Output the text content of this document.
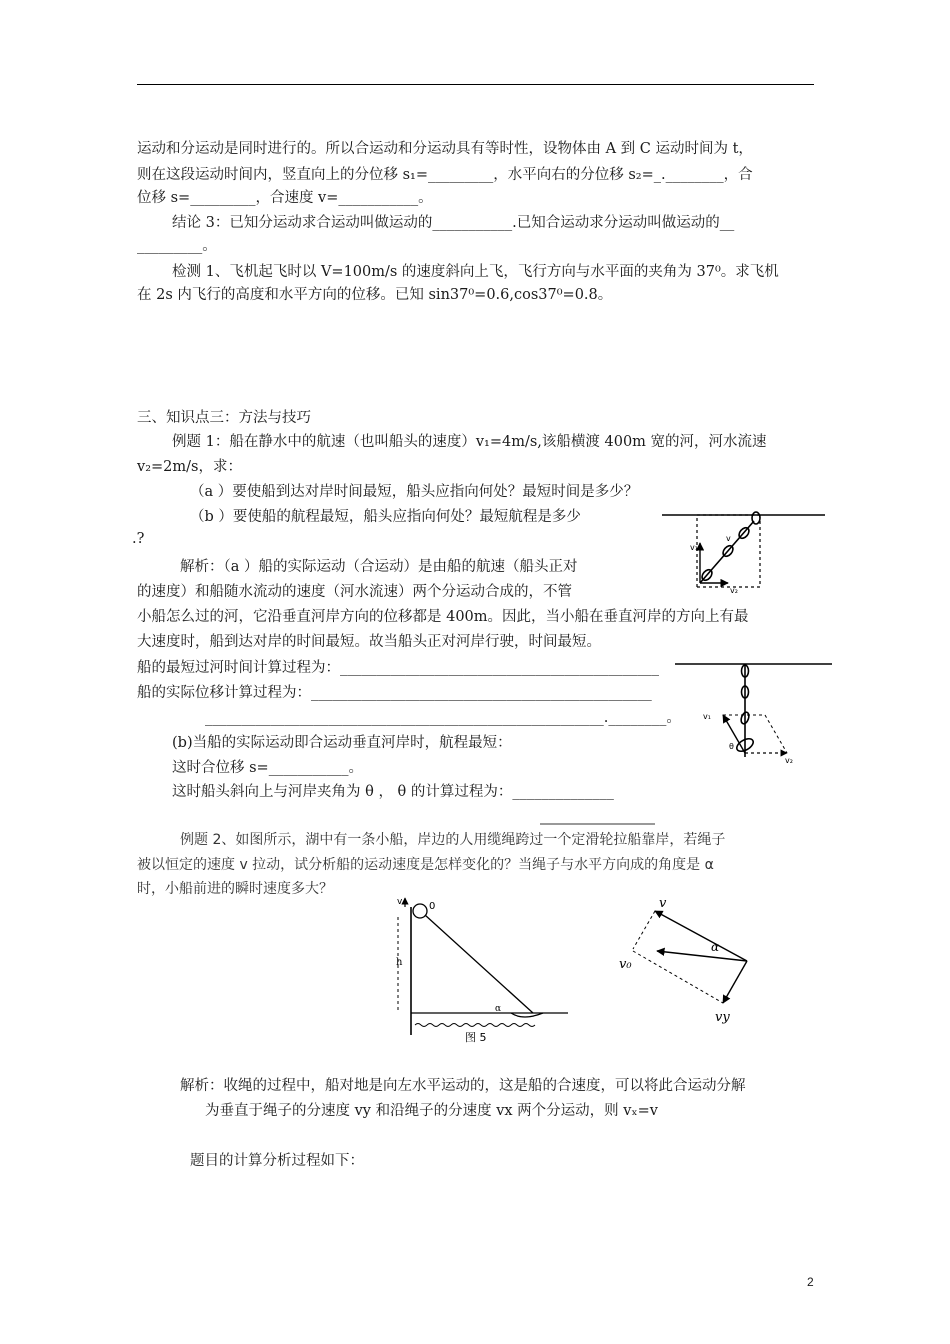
运动和分运动是同时进行的。所以合运动和分运动具有等时性，设物体由 A 到 C 运动时间为 t，
则在这段运动时间内，竖直向上的分位移 s₁=_________，水平向右的分位移 s₂=_.________，合
位移 s=_________，合速度 v=___________。
结论 3：已知分运动求合运动叫做运动的___________.已知合运动求分运动叫做运动的__
_________。
检测 1、飞机起飞时以 V=100m/s 的速度斜向上飞，飞行方向与水平面的夹角为 37⁰。求飞机
在 2s 内飞行的高度和水平方向的位移。已知 sin37⁰=0.6,cos37⁰=0.8。
三、知识点三：方法与技巧
例题 1：船在静水中的航速（也叫船头的速度）v₁=4m/s,该船横渡 400m 宽的河，河水流速
v₂=2m/s，求：
（a ）要使船到达对岸时间最短，船头应指向何处？最短时间是多少？
（b ）要使船的航程最短，船头应指向何处？最短航程是多少
.?
解析：（a ）船的实际运动（合运动）是由船的航速（船头正对
的速度）和船随水流动的速度（河水流速）两个分运动合成的，不管
小船怎么过的河，它沿垂直河岸方向的位移都是 400m。因此，当小船在垂直河岸的方向上有最
大速度时，船到达对岸的时间最短。故当船头正对河岸行驶，时间最短。
船的最短过河时间计算过程为：____________________________________________
船的实际位移计算过程为：_______________________________________________
_______________________________________________________.________。
(b)当船的实际运动即合运动垂直河岸时，航程最短：
这时合位移 s=___________。
这时船头斜向上与河岸夹角为 θ ， θ 的计算过程为：______________
例题 2、如图所示，湖中有一条小船，岸边的人用缆绳跨过一个定滑轮拉船靠岸，若绳子
被以恒定的速度 v 拉动，试分析船的运动速度是怎样变化的？当绳子与水平方向成的角度是 α
时，小船前进的瞬时速度多大？
解析：收绳的过程中，船对地是向左水平运动的，这是船的合速度，可以将此合运动分解
为垂直于绳子的分速度 vy 和沿绳子的分速度 vx 两个分运动，则 vₓ=v
题目的计算分析过程如下：
2
v₁
v
v₂
v₁
θ
v₂
v	0
h
α
图 5
v
α
v₀
vy
